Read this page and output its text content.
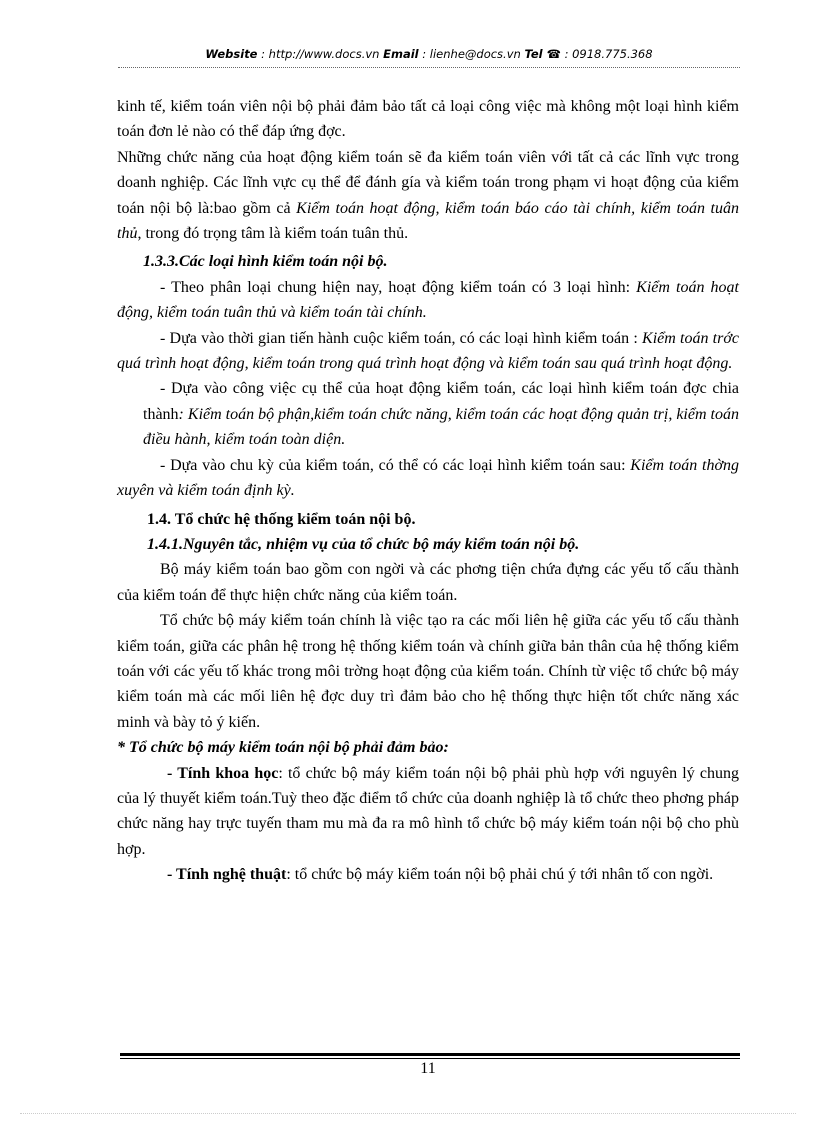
Website : http://www.docs.vn Email : lienhe@docs.vn Tel ☎ : 0918.775.368

kinh tế, kiểm toán viên nội bộ phải đảm bảo tất cả loại công việc mà không một loại hình kiểm toán đơn lẻ nào có thể đáp ứng đợc.

Những chức năng của hoạt động kiểm toán sẽ đa kiểm toán viên với tất cả các lĩnh vực trong doanh nghiệp. Các lĩnh vực cụ thể để đánh gía và kiểm toán trong phạm vi hoạt động của kiểm toán nội bộ là:bao gồm cả Kiểm toán hoạt động, kiểm toán báo cáo tài chính, kiểm toán tuân thủ, trong đó trọng tâm là kiểm toán tuân thủ.

1.3.3.Các loại hình kiểm toán nội bộ.

- Theo phân loại chung hiện nay, hoạt động kiểm toán có 3 loại hình: Kiểm toán hoạt động, kiểm toán tuân thủ và kiểm toán tài chính.

- Dựa vào thời gian tiến hành cuộc kiểm toán, có các loại hình kiểm toán : Kiểm toán trớc quá trình hoạt động, kiểm toán trong quá trình hoạt động và kiểm toán sau quá trình hoạt động.

- Dựa vào công việc cụ thể của hoạt động kiểm toán, các loại hình kiểm toán đợc chia thành: Kiểm toán bộ phận,kiểm toán chức năng, kiểm toán các hoạt động quản trị, kiểm toán điều hành, kiểm toán toàn diện.

- Dựa vào chu kỳ của kiểm toán, có thể có các loại hình kiểm toán sau: Kiểm toán thờng xuyên và kiểm toán định kỳ.

1.4. Tổ chức hệ thống kiểm toán nội bộ.

1.4.1.Nguyên tắc, nhiệm vụ của tổ chức bộ máy kiểm toán nội bộ.

Bộ máy kiểm toán bao gồm con ngời và các phơng tiện chứa đựng các yếu tố cấu thành của kiểm toán để thực hiện chức năng của kiểm toán.

Tổ chức bộ máy kiểm toán chính là việc tạo ra các mối liên hệ giữa các yếu tố cấu thành kiểm toán, giữa các phân hệ trong hệ thống kiểm toán và chính giữa bản thân của hệ thống kiểm toán với các yếu tố khác trong môi trờng hoạt động của kiểm toán. Chính từ việc tổ chức bộ máy kiểm toán mà các mối liên hệ đợc duy trì đảm bảo cho hệ thống thực hiện tốt chức năng xác minh và bày tỏ ý kiến.

* Tổ chức bộ máy kiểm toán nội bộ phải đảm bảo:

- Tính khoa học: tổ chức bộ máy kiểm toán nội bộ phải phù hợp với nguyên lý chung của lý thuyết kiểm toán.Tuỳ theo đặc điểm tổ chức của doanh nghiệp là tổ chức theo phơng pháp chức năng hay trực tuyến tham mu mà đa ra mô hình tổ chức bộ máy kiểm toán nội bộ cho phù hợp.

- Tính nghệ thuật: tổ chức bộ máy kiểm toán nội bộ phải chú ý tới nhân tố con ngời.

11
